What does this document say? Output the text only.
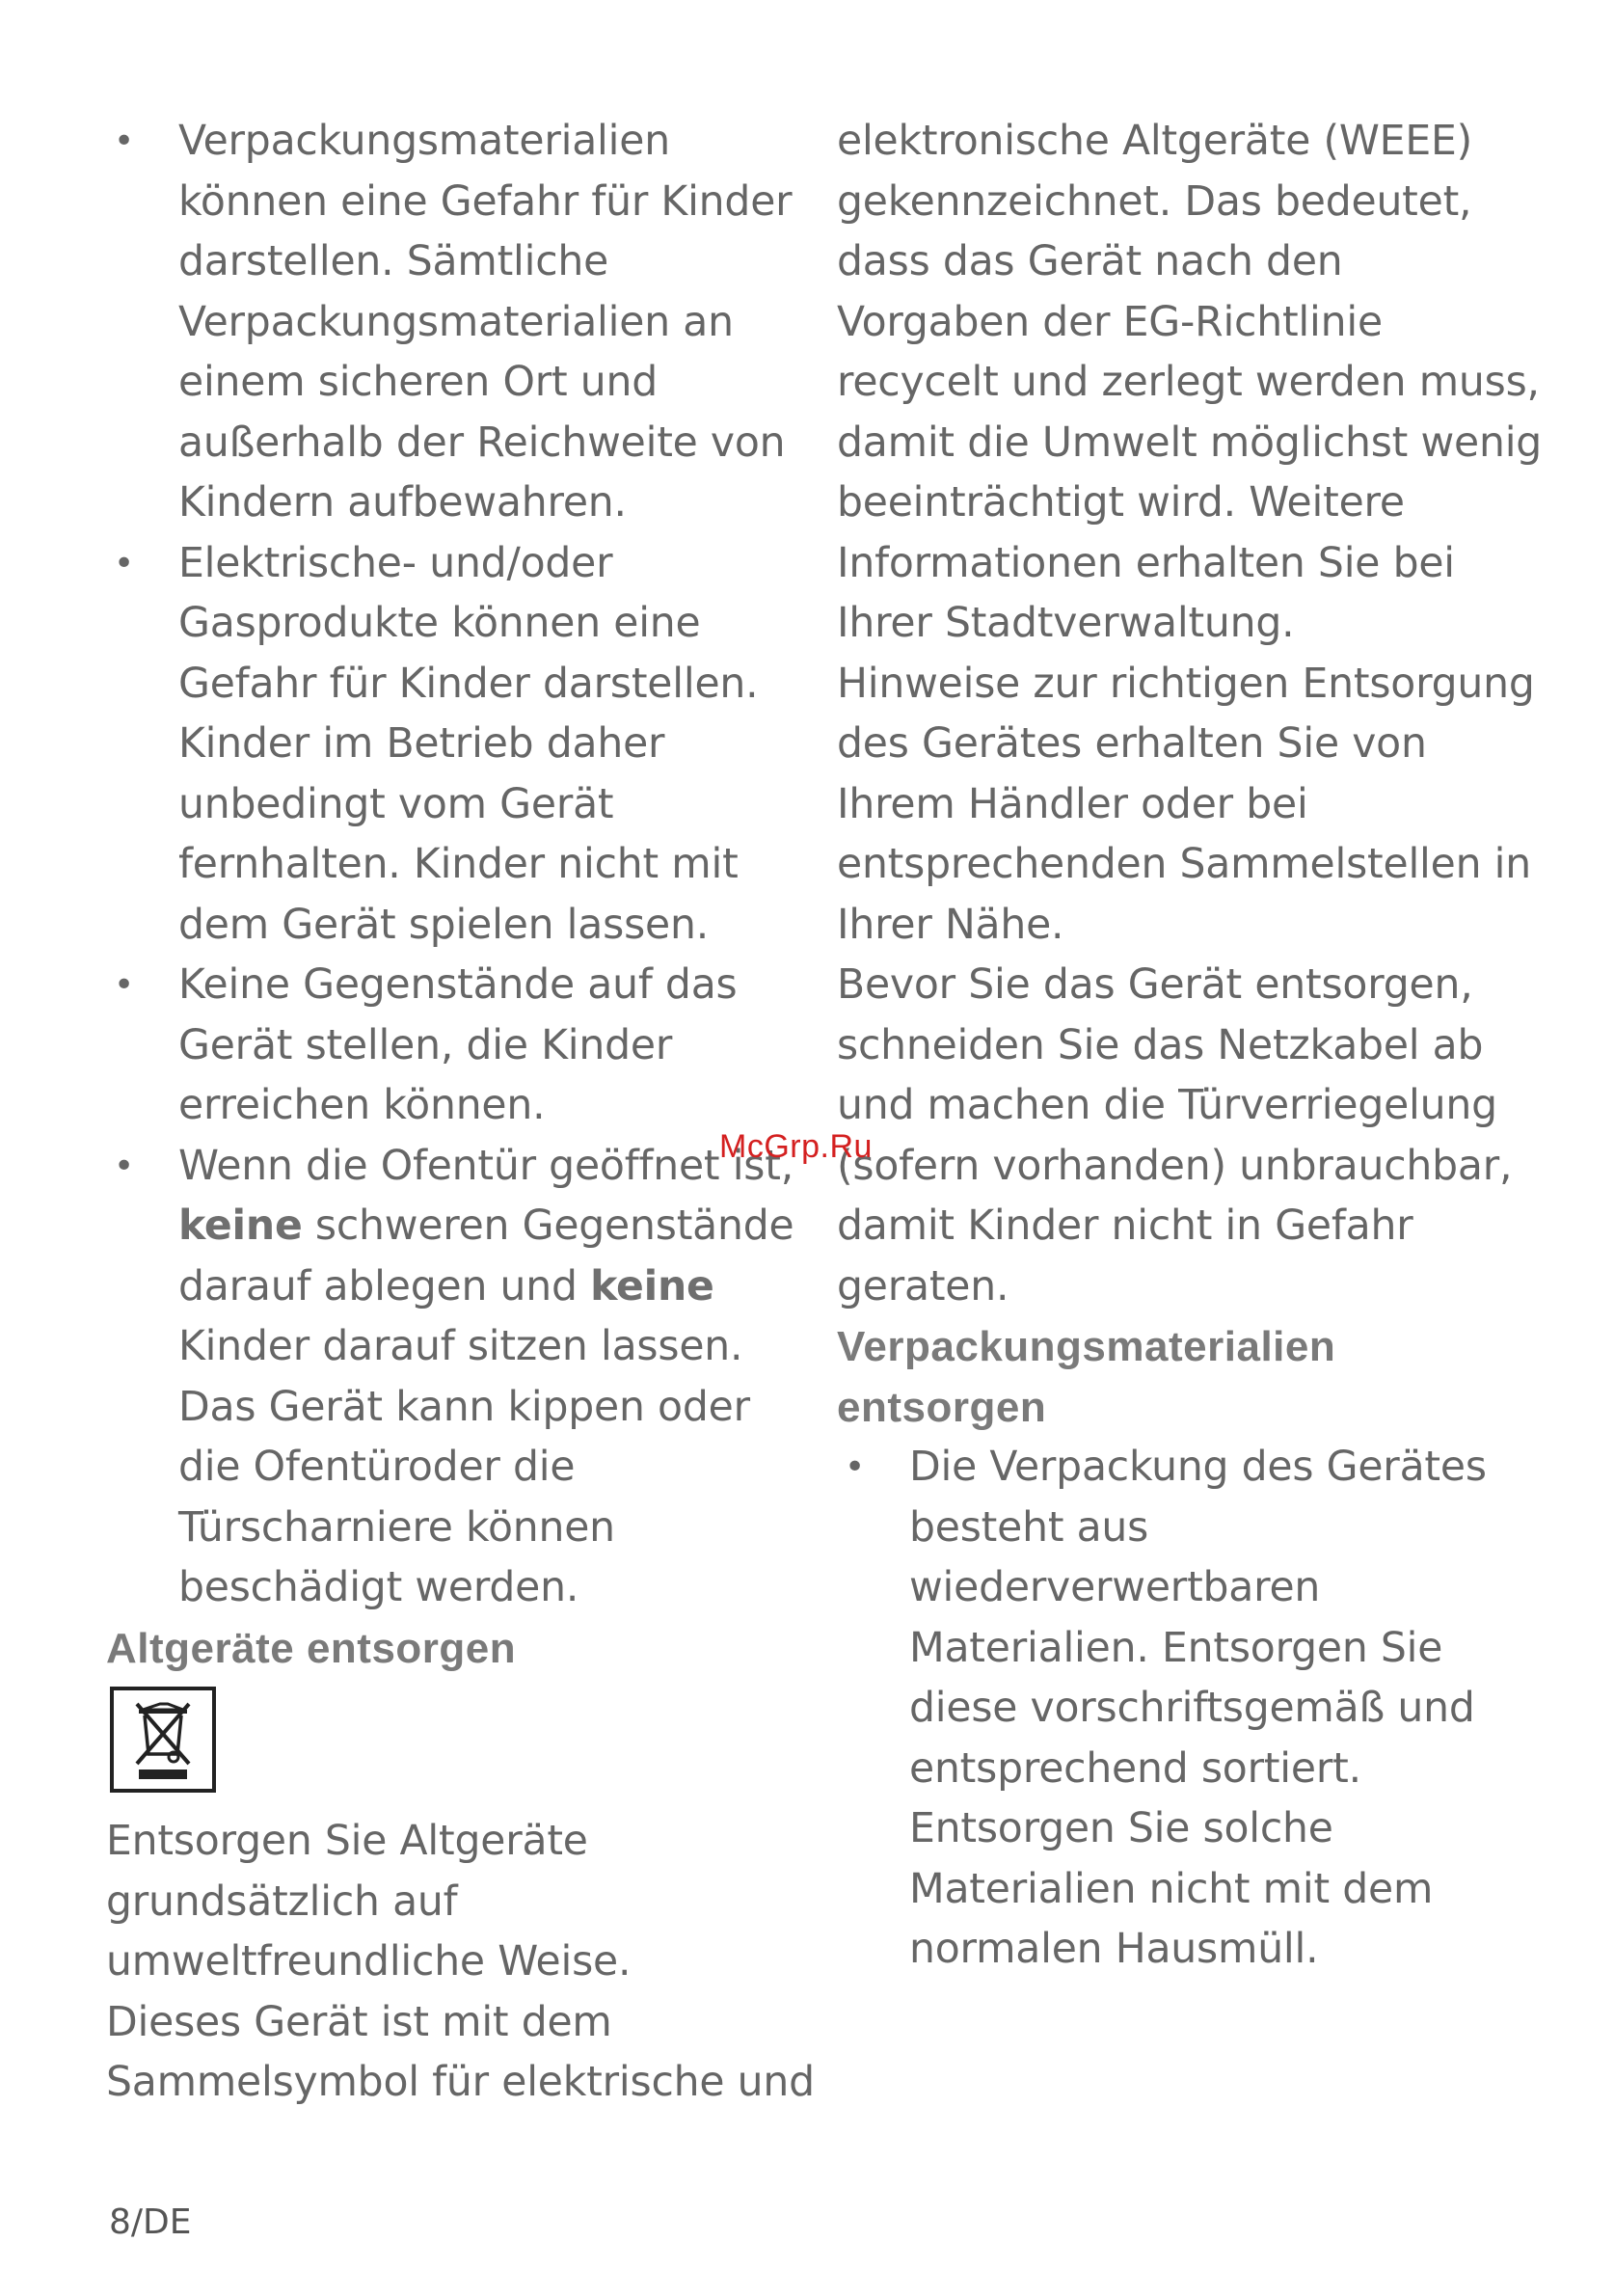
• Verpackungsmaterialien
können eine Gefahr für Kinder
darstellen. Sämtliche
Verpackungsmaterialien an
einem sicheren Ort und
außerhalb der Reichweite von
Kindern aufbewahren.
• Elektrische- und/oder
Gasprodukte können eine
Gefahr für Kinder darstellen.
Kinder im Betrieb daher
unbedingt vom Gerät
fernhalten. Kinder nicht mit
dem Gerät spielen lassen.
• Keine Gegenstände auf das
Gerät stellen, die Kinder
erreichen können.
• Wenn die Ofentür geöffnet ist,
keine schweren Gegenstände
darauf ablegen und keine
Kinder darauf sitzen lassen.
Das Gerät kann kippen oder
die Ofentüroder die
Türscharniere können
beschädigt werden.
Altgeräte entsorgen
Entsorgen Sie Altgeräte
grundsätzlich auf
umweltfreundliche Weise.
Dieses Gerät ist mit dem
Sammelsymbol für elektrische und
elektronische Altgeräte (WEEE)
gekennzeichnet. Das bedeutet,
dass das Gerät nach den
Vorgaben der EG-Richtlinie
recycelt und zerlegt werden muss,
damit die Umwelt möglichst wenig
beeinträchtigt wird. Weitere
Informationen erhalten Sie bei
Ihrer Stadtverwaltung.
Hinweise zur richtigen Entsorgung
des Gerätes erhalten Sie von
Ihrem Händler oder bei
entsprechenden Sammelstellen in
Ihrer Nähe.
Bevor Sie das Gerät entsorgen,
schneiden Sie das Netzkabel ab
und machen die Türverriegelung
(sofern vorhanden) unbrauchbar,
damit Kinder nicht in Gefahr
geraten.
Verpackungsmaterialien
entsorgen
• Die Verpackung des Gerätes
besteht aus
wiederverwertbaren
Materialien. Entsorgen Sie
diese vorschriftsgemäß und
entsprechend sortiert.
Entsorgen Sie solche
Materialien nicht mit dem
normalen Hausmüll.
McGrp.Ru
8/DE
